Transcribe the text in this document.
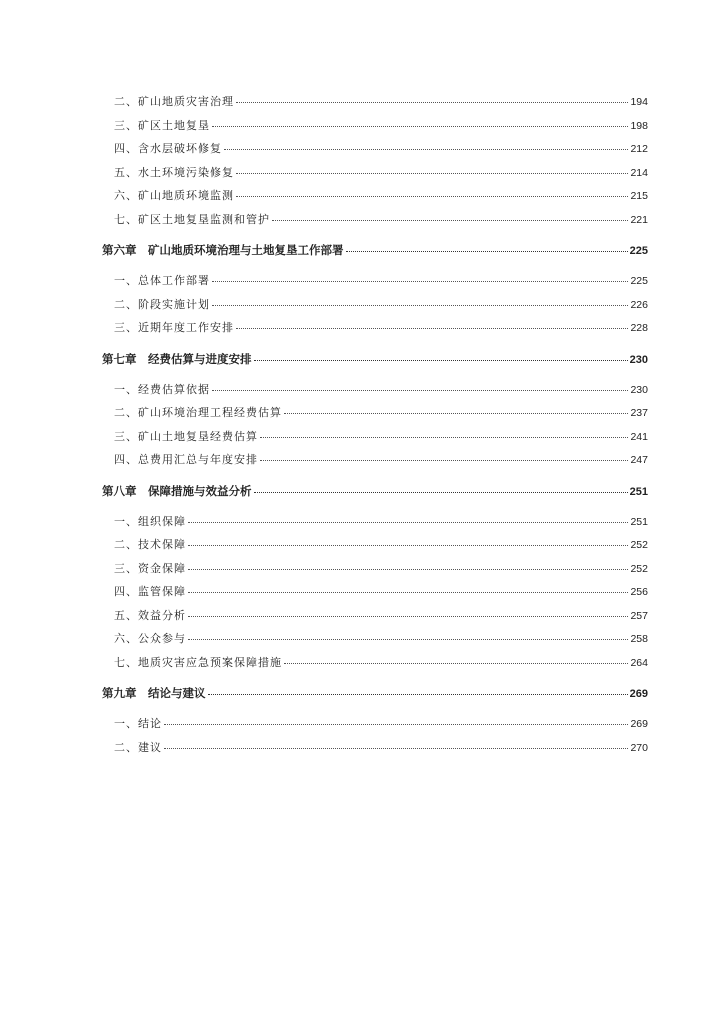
二、矿山地质灾害治理	194
三、矿区土地复垦	198
四、含水层破坏修复	212
五、水土环境污染修复	214
六、矿山地质环境监测	215
七、矿区土地复垦监测和管护	221
第六章　矿山地质环境治理与土地复垦工作部署	225
一、总体工作部署	225
二、阶段实施计划	226
三、近期年度工作安排	228
第七章　经费估算与进度安排	230
一、经费估算依据	230
二、矿山环境治理工程经费估算	237
三、矿山土地复垦经费估算	241
四、总费用汇总与年度安排	247
第八章　保障措施与效益分析	251
一、组织保障	251
二、技术保障	252
三、资金保障	252
四、监管保障	256
五、效益分析	257
六、公众参与	258
七、地质灾害应急预案保障措施	264
第九章　结论与建议	269
一、结论	269
二、建议	270
